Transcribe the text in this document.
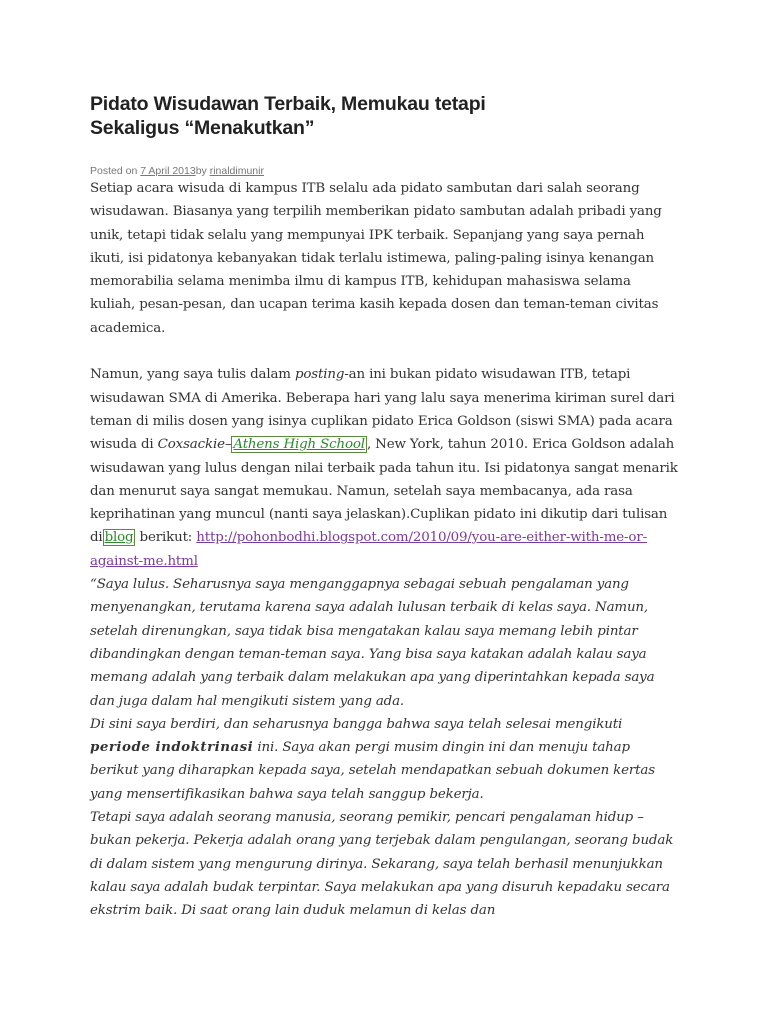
Pidato Wisudawan Terbaik, Memukau tetapi
Sekaligus “Menakutkan”
Posted on 7 April 2013by rinaldimunir

Setiap acara wisuda di kampus ITB selalu ada pidato sambutan dari salah seorang wisudawan. Biasanya yang terpilih memberikan pidato sambutan adalah pribadi yang unik, tetapi tidak selalu yang mempunyai IPK terbaik. Sepanjang yang saya pernah ikuti, isi pidatonya kebanyakan tidak terlalu istimewa, paling-paling isinya kenangan memorabilia selama menimba ilmu di kampus ITB, kehidupan mahasiswa selama kuliah, pesan-pesan, dan ucapan terima kasih kepada dosen dan teman-teman civitas academica.

Namun, yang saya tulis dalam posting-an ini bukan pidato wisudawan ITB, tetapi wisudawan SMA di Amerika. Beberapa hari yang lalu saya menerima kiriman surel dari teman di milis dosen yang isinya cuplikan pidato Erica Goldson (siswi SMA) pada acara wisuda di Coxsackie– Athens High School , New York, tahun 2010. Erica Goldson adalah wisudawan yang lulus dengan nilai terbaik pada tahun itu. Isi pidatonya sangat menarik dan menurut saya sangat memukau. Namun, setelah saya membacanya, ada rasa keprihatinan yang muncul (nanti saya jelaskan).Cuplikan pidato ini dikutip dari tulisan di blog berikut: http://pohonbodhi.blogspot.com/2010/09/you-are-either-with-me-or-against-me.html

“Saya lulus. Seharusnya saya menganggapnya sebagai sebuah pengalaman yang menyenangkan, terutama karena saya adalah lulusan terbaik di kelas saya. Namun, setelah direnungkan, saya tidak bisa mengatakan kalau saya memang lebih pintar dibandingkan dengan teman-teman saya. Yang bisa saya katakan adalah kalau saya memang adalah yang terbaik dalam melakukan apa yang diperintahkan kepada saya dan juga dalam hal mengikuti sistem yang ada.

Di sini saya berdiri, dan seharusnya bangga bahwa saya telah selesai mengikuti periode indoktrinasi ini. Saya akan pergi musim dingin ini dan menuju tahap berikut yang diharapkan kepada saya, setelah mendapatkan sebuah dokumen kertas yang mensertifikasikan bahwa saya telah sanggup bekerja.

Tetapi saya adalah seorang manusia, seorang pemikir, pencari pengalaman hidup – bukan pekerja. Pekerja adalah orang yang terjebak dalam pengulangan, seorang budak di dalam sistem yang mengurung dirinya. Sekarang, saya telah berhasil menunjukkan kalau saya adalah budak terpintar. Saya melakukan apa yang disuruh kepadaku secara ekstrim baik. Di saat orang lain duduk melamun di kelas dan
